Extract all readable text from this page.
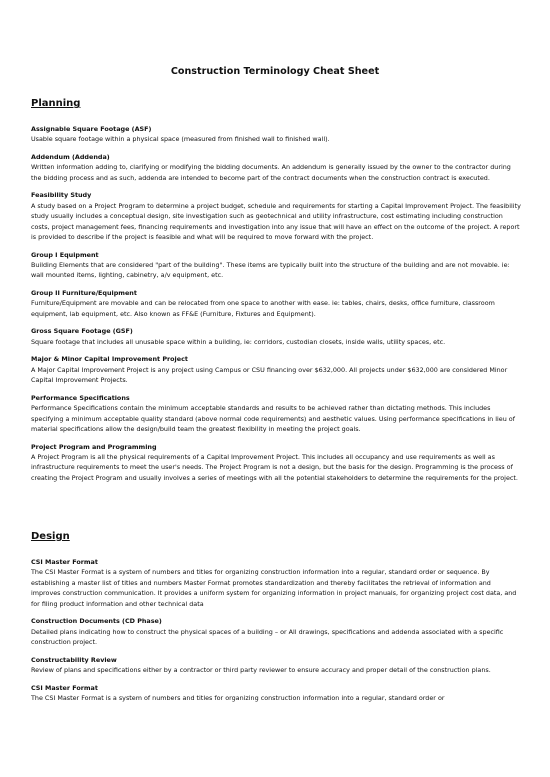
Construction Terminology Cheat Sheet
Planning

Assignable Square Footage (ASF)

Usable square footage within a physical space (measured from finished wall to finished wall).

Addendum (Addenda)

Written information adding to, clarifying or modifying the bidding documents. An addendum is generally issued by the owner to the contractor during the bidding process and as such, addenda are intended to become part of the contract documents when the construction contract is executed.

Feasibility Study

A study based on a Project Program to determine a project budget, schedule and requirements for starting a Capital Improvement Project. The feasibility study usually includes a conceptual design, site investigation such as geotechnical and utility infrastructure, cost estimating including construction costs, project management fees, financing requirements and investigation into any issue that will have an effect on the outcome of the project. A report is provided to describe if the project is feasible and what will be required to move forward with the project.

Group I Equipment

Building Elements that are considered "part of the building". These items are typically built into the structure of the building and are not movable. ie: wall mounted items, lighting, cabinetry, a/v equipment, etc.

Group II Furniture/Equipment

Furniture/Equipment are movable and can be relocated from one space to another with ease. ie: tables, chairs, desks, office furniture, classroom equipment, lab equipment, etc. Also known as FF&E (Furniture, Fixtures and Equipment).

Gross Square Footage (GSF)

Square footage that includes all unusable space within a building, ie: corridors, custodian closets, inside walls, utility spaces, etc.

Major & Minor Capital Improvement Project

A Major Capital Improvement Project is any project using Campus or CSU financing over $632,000. All projects under $632,000 are considered Minor Capital Improvement Projects.

Performance Specifications

Performance Specifications contain the minimum acceptable standards and results to be achieved rather than dictating methods. This includes specifying a minimum acceptable quality standard (above normal code requirements) and aesthetic values. Using performance specifications in lieu of material specifications allow the design/build team the greatest flexibility in meeting the project goals.

Project Program and Programming

A Project Program is all the physical requirements of a Capital Improvement Project. This includes all occupancy and use requirements as well as infrastructure requirements to meet the user's needs. The Project Program is not a design, but the basis for the design. Programming is the process of creating the Project Program and usually involves a series of meetings with all the potential stakeholders to determine the requirements for the project.

Design

CSI Master Format

The CSI Master Format is a system of numbers and titles for organizing construction information into a regular, standard order or sequence. By establishing a master list of titles and numbers Master Format promotes standardization and thereby facilitates the retrieval of information and improves construction communication. It provides a uniform system for organizing information in project manuals, for organizing project cost data, and for filing product information and other technical data

Construction Documents (CD Phase)

Detailed plans indicating how to construct the physical spaces of a building – or All drawings, specifications and addenda associated with a specific construction project.

Constructability Review

Review of plans and specifications either by a contractor or third party reviewer to ensure accuracy and proper detail of the construction plans.

CSI Master Format

The CSI Master Format is a system of numbers and titles for organizing construction information into a regular, standard order or
